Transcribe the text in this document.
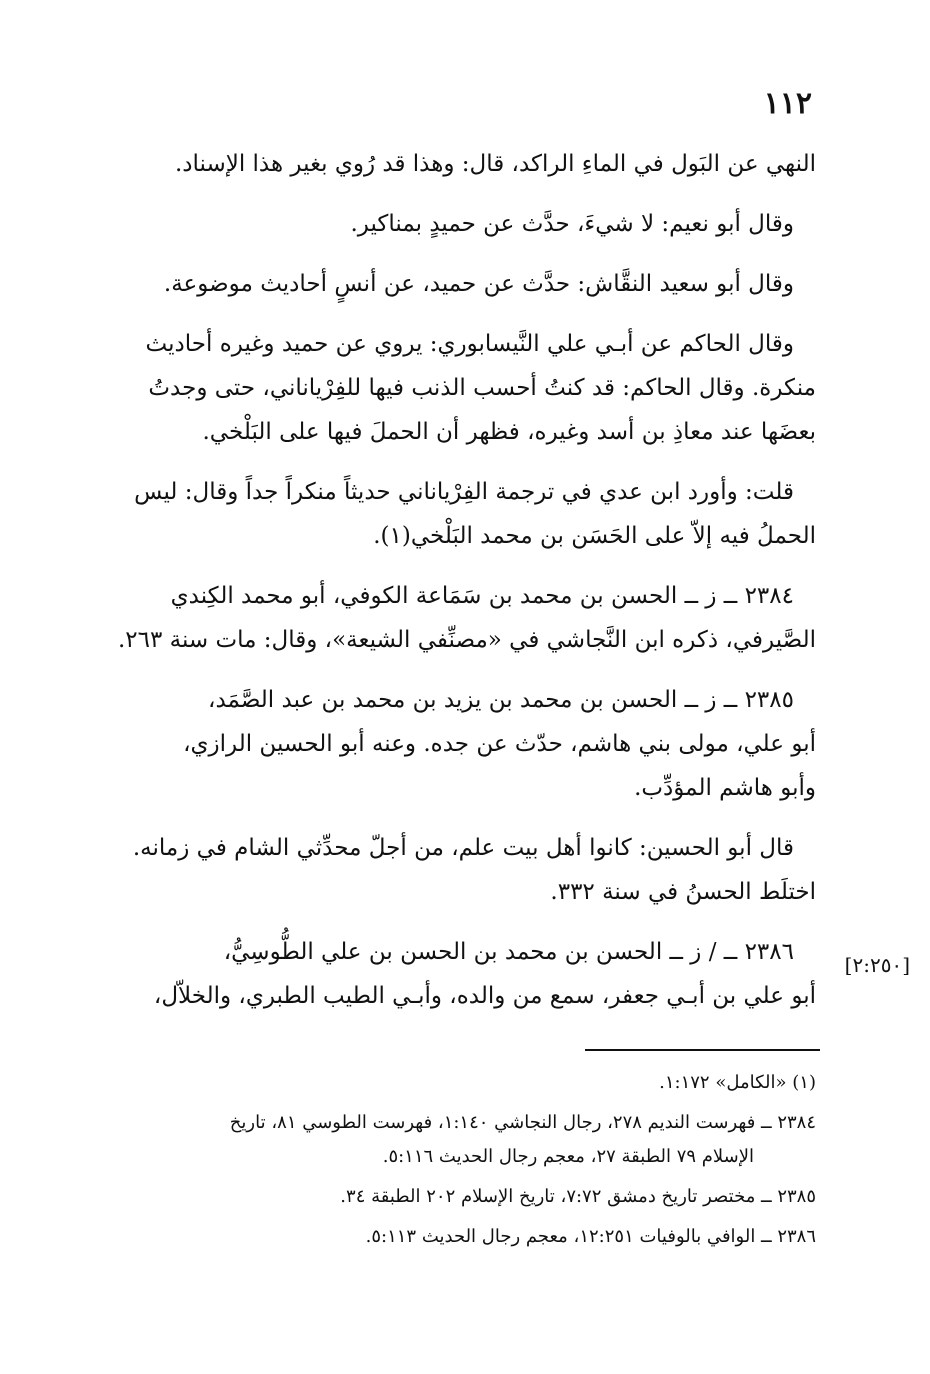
١١٢
[٢:٢٥٠]

النهي عن البَول في الماءِ الراكد، قال: وهذا قد رُوي بغير هذا الإسناد.

وقال أبو نعيم: لا شيءَ، حدَّث عن حميدٍ بمناكير.

وقال أبو سعيد النقَّاش: حدَّث عن حميد، عن أنسٍ أحاديث موضوعة.

وقال الحاكم عن أبـي علي النَّيسابوري: يروي عن حميد وغيره أحاديث
منكرة. وقال الحاكم: قد كنتُ أحسب الذنب فيها للفِرْياناني، حتى وجدتُ
بعضَها عند معاذِ بن أسد وغيره، فظهر أن الحملَ فيها على البَلْخي.

قلت: وأورد ابن عدي في ترجمة الفِرْياناني حديثاً منكراً جداً وقال: ليس
الحملُ فيه إلاّ على الحَسَن بن محمد البَلْخي(١).

٢٣٨٤ ــ ز ــ الحسن بن محمد بن سَمَاعة الكوفي، أبو محمد الكِندي
الصَّيرفي، ذكره ابن النَّجاشي في «مصنِّفي الشيعة»، وقال: مات سنة ٢٦٣.

٢٣٨٥ ــ ز ــ الحسن بن محمد بن يزيد بن محمد بن عبد الصَّمَد،
أبو علي، مولى بني هاشم، حدّث عن جده. وعنه أبو الحسين الرازي،
وأبو هاشم المؤدِّب.

قال أبو الحسين: كانوا أهل بيت علم، من أجلّ محدِّثي الشام في زمانه.
اختلَط الحسنُ في سنة ٣٣٢.

٢٣٨٦ ــ / ز ــ الحسن بن محمد بن الحسن بن علي الطُّوسِيُّ،
أبو علي بن أبـي جعفر، سمع من والده، وأبـي الطيب الطبري، والخلاّل،

(١) «الكامل» ١:١٧٢.

٢٣٨٤ ــ فهرست النديم ٢٧٨، رجال النجاشي ١:١٤٠، فهرست الطوسي ٨١، تاريخ
الإسلام ٧٩ الطبقة ٢٧، معجم رجال الحديث ٥:١١٦.

٢٣٨٥ ــ مختصر تاريخ دمشق ٧:٧٢، تاريخ الإسلام ٢٠٢ الطبقة ٣٤.

٢٣٨٦ ــ الوافي بالوفيات ١٢:٢٥١، معجم رجال الحديث ٥:١١٣.
